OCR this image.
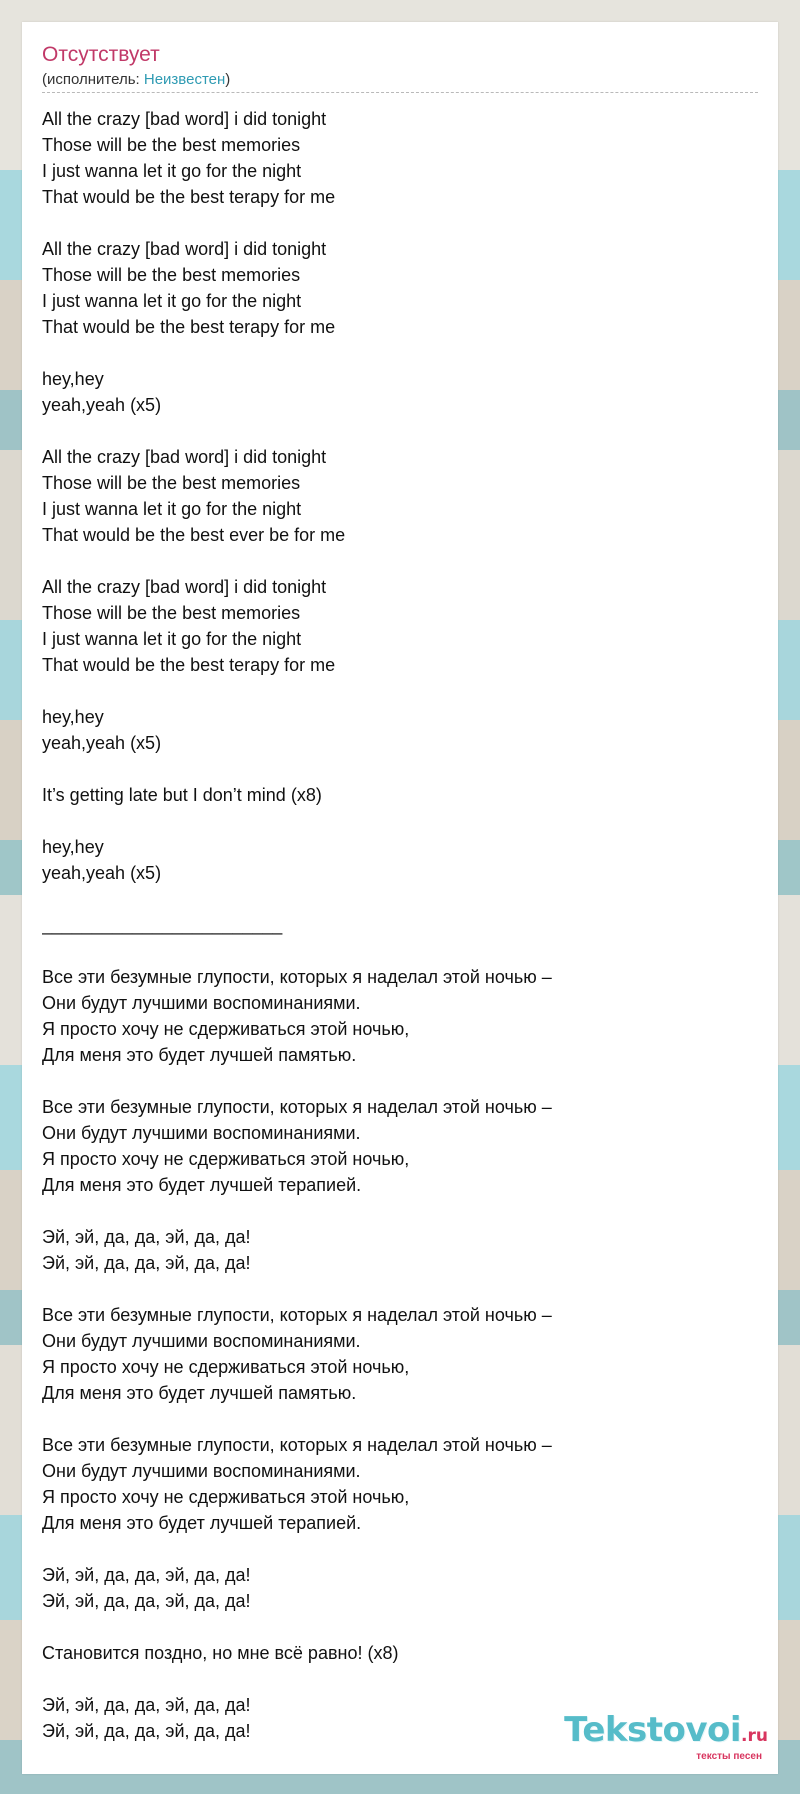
Отсутствует
(исполнитель: Неизвестен)
All the crazy [bad word] i did tonight
Those will be the best memories
I just wanna let it go for the night
That would be the best terapy for me
All the crazy [bad word] i did tonight
Those will be the best memories
I just wanna let it go for the night
That would be the best terapy for me
hey,hey
yeah,yeah (x5)
All the crazy [bad word] i did tonight
Those will be the best memories
I just wanna let it go for the night
That would be the best ever be for me
All the crazy [bad word] i did tonight
Those will be the best memories
I just wanna let it go for the night
That would be the best terapy for me
hey,hey
yeah,yeah (x5)
It’s getting late but I don’t mind (x8)
hey,hey
yeah,yeah (x5)
________________________
Все эти безумные глупости, которых я наделал этой ночью –
Они будут лучшими воспоминаниями.
Я просто хочу не сдерживаться этой ночью,
Для меня это будет лучшей памятью.
Все эти безумные глупости, которых я наделал этой ночью –
Они будут лучшими воспоминаниями.
Я просто хочу не сдерживаться этой ночью,
Для меня это будет лучшей терапией.
Эй, эй, да, да, эй, да, да!
Эй, эй, да, да, эй, да, да!
Все эти безумные глупости, которых я наделал этой ночью –
Они будут лучшими воспоминаниями.
Я просто хочу не сдерживаться этой ночью,
Для меня это будет лучшей памятью.
Все эти безумные глупости, которых я наделал этой ночью –
Они будут лучшими воспоминаниями.
Я просто хочу не сдерживаться этой ночью,
Для меня это будет лучшей терапией.
Эй, эй, да, да, эй, да, да!
Эй, эй, да, да, эй, да, да!
Становится поздно, но мне всё равно! (x8)
Эй, эй, да, да, эй, да, да!
Эй, эй, да, да, эй, да, да!	Tekstovoi.ru
тексты песен
